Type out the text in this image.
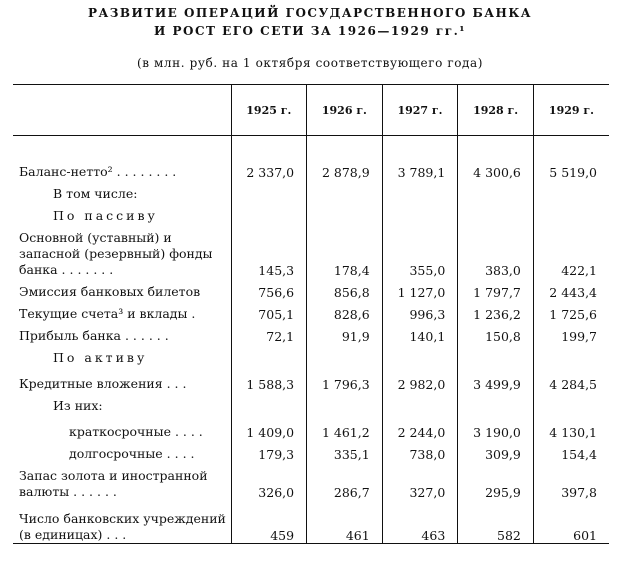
РАЗВИТИЕ ОПЕРАЦИЙ ГОСУДАРСТВЕННОГО БАНКА
И РОСТ ЕГО СЕТИ ЗА 1926—1929 гг.¹
(в млн. руб. на 1 октября соответствующего года)
	1925 г.	1926 г.	1927 г.	1928 г.	1929 г.

Баланс-нетто² . . . . . . . .	2 337,0	2 878,9	3 789,1	4 300,6	5 519,0

В том числе:					

По пассиву					

Основной (уставный) и запасной (резервный) фонды банка . . . . . . .	145,3	178,4	355,0	383,0	422,1

Эмиссия банковых билетов	756,6	856,8	1 127,0	1 797,7	2 443,4

Текущие счета³ и вклады .	705,1	828,6	996,3	1 236,2	1 725,6

Прибыль банка . . . . . .	72,1	91,9	140,1	150,8	199,7

По активу					

Кредитные вложения . . .	1 588,3	1 796,3	2 982,0	3 499,9	4 284,5

Из них:					

краткосрочные . . . .	1 409,0	1 461,2	2 244,0	3 190,0	4 130,1

долгосрочные . . . .	179,3	335,1	738,0	309,9	154,4

Запас золота и иностранной валюты . . . . . .	326,0	286,7	327,0	295,9	397,8

Число банковских учреждений (в единицах) . . .	459	461	463	582	601
